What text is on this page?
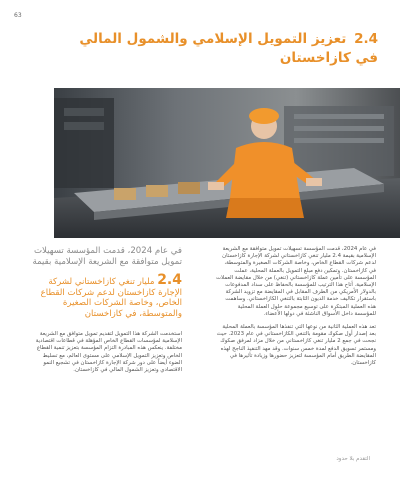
63
2.4 تعزيز التمويل الإسلامي والشمول المالي في كازاخستان

في عام 2024، قدمت المؤسسة تسهيلات تمويل متوافقة مع الشريعة الإسلامية بقيمة 2.4 مليار تنغي كازاخستاني لشركة الإجارة كازاخستان لدعم شركات القطاع الخاص، وخاصة الشركات الصغيرة والمتوسطة، في كازاخستان. وتمكين دفع مبلغ التمويل بالعملة المحلية، عملت المؤسسة على تأمين عملة كازاخستاني (تنغي) من خلال مقايضة العملات الإسلامية. أتاح هذا الترتيب للمؤسسة بالحفاظ على سداد المدفوعات بالدولار الأمريكي من الطرف المقابل في المقايضة مع تزويد الشركة باستقرار تكاليف خدمة الديون الثابتة بالتنغي الكازاخستاني. وساهمت هذه العملية المبتكرة على توسيع مجموعة حلول العملة المحلية للمؤسسة داخل الأسواق الناشئة في دولها الأعضاء.

تعد هذه العملية الثانية من نوعها التي تنفذها المؤسسة بالعملة المحلية بعد إصدار أول صكوك مقومة بالتنغي الكازاخستاني في عام 2023. حيث نجحت في جمع 2 مليار تنغي كازاخستاني من خلال مزاد لمرفق صكوك ومستمر تسويق الدفع لمدة خمس سنوات. وقد مهد التنفيذ الناجح لهذه المقايضة الطريق أمام المؤسسة لتعزيز حضورها وزيادة تأثيرها في كازاخستان.

في عام 2024، قدمت المؤسسة تسهيلات تمويل متوافقة مع الشريعة الإسلامية بقيمة

2.4 مليار تنغي كازاخستاني لشركة الإجارة كازاخستان لدعم شركات القطاع الخاص، وخاصة الشركات الصغيرة والمتوسطة، في كازاخستان

استخدمت الشركة هذا التمويل لتقديم تمويل متوافق مع الشريعة الإسلامية لمؤسسات القطاع الخاص المؤهلة في قطاعات اقتصادية مختلفة. ينعكس هذه المبادرة التزام المؤسسة بتعزيز تنمية القطاع الخاص وتعزيز التمويل الإسلامي على مستوى العالم، مع تسليط الضوء أيضاً على دور شركة الإجارة كازاخستان في تشجيع النمو الاقتصادي وتعزيز الشمول المالي في كازاخستان.

التقدم بلا حدود
